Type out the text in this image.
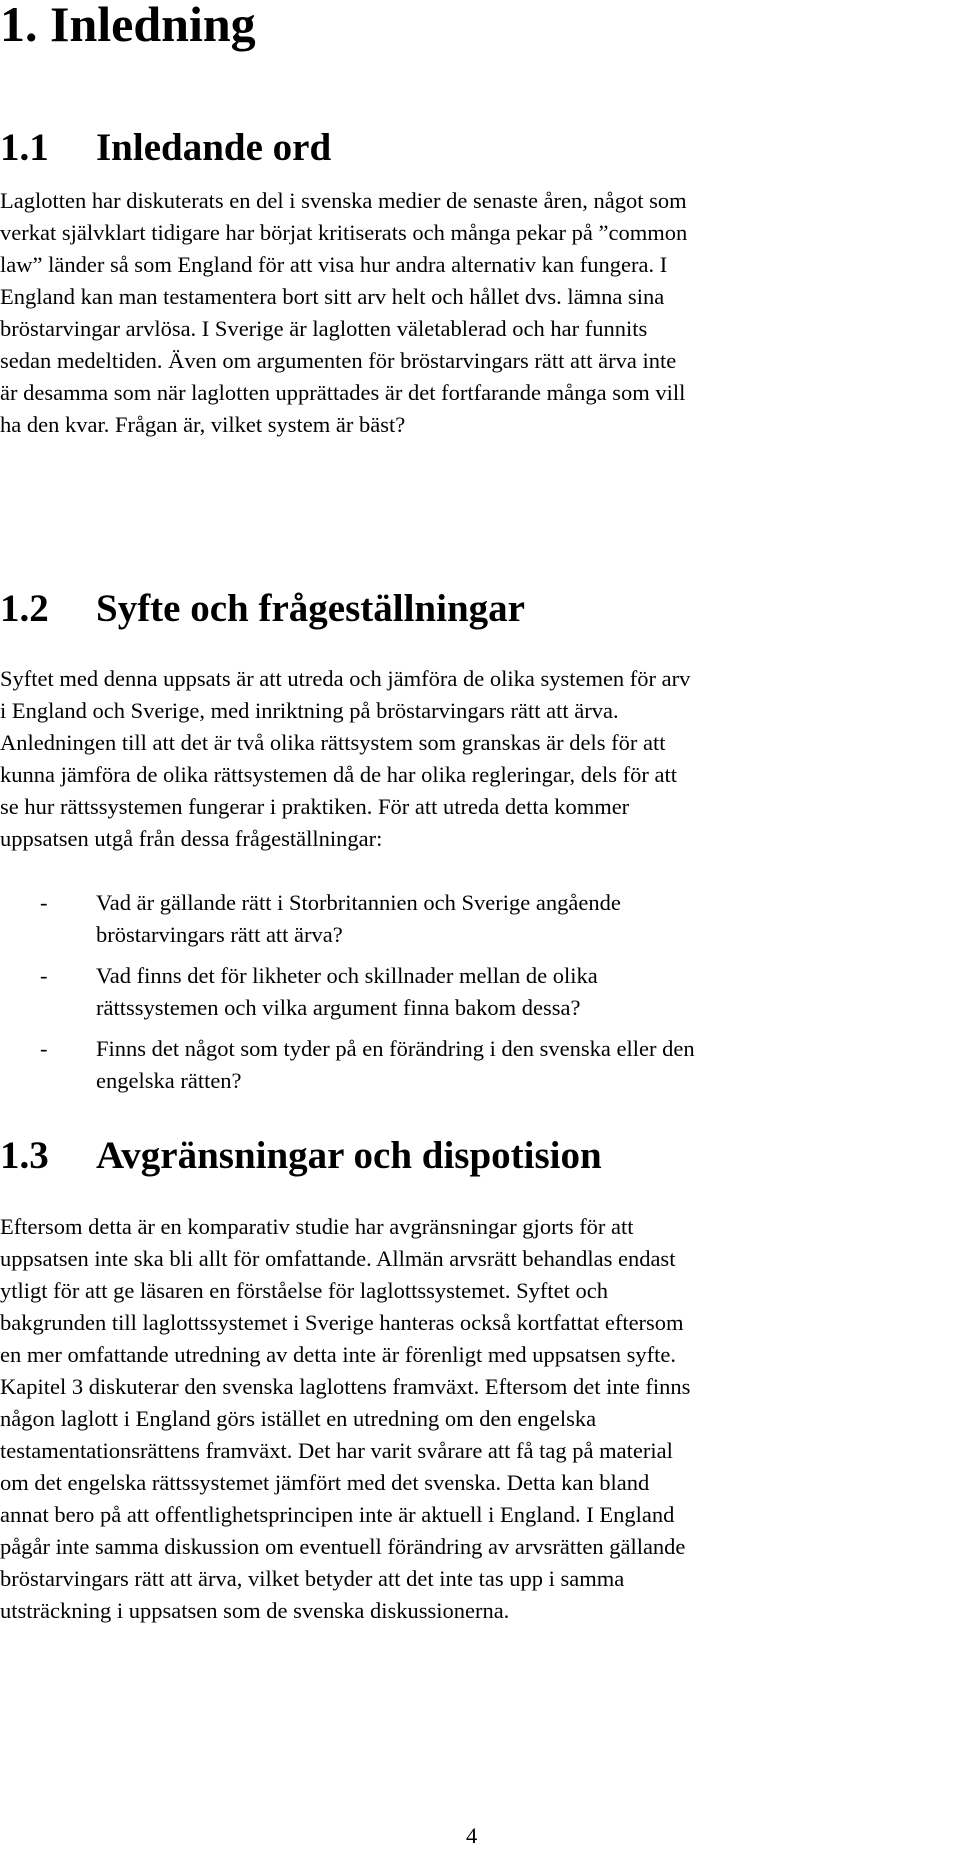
1. Inledning
1.1 Inledande ord
Laglotten har diskuterats en del i svenska medier de senaste åren, något som
verkat självklart tidigare har börjat kritiserats och många pekar på ”common
law” länder så som England för att visa hur andra alternativ kan fungera. I
England kan man testamentera bort sitt arv helt och hållet dvs. lämna sina
bröstarvingar arvlösa. I Sverige är laglotten väletablerad och har funnits
sedan medeltiden. Även om argumenten för bröstarvingars rätt att ärva inte
är desamma som när laglotten upprättades är det fortfarande många som vill
ha den kvar. Frågan är, vilket system är bäst?
1.2 Syfte och frågeställningar
Syftet med denna uppsats är att utreda och jämföra de olika systemen för arv
i England och Sverige, med inriktning på bröstarvingars rätt att ärva.
Anledningen till att det är två olika rättsystem som granskas är dels för att
kunna jämföra de olika rättsystemen då de har olika regleringar, dels för att
se hur rättssystemen fungerar i praktiken. För att utreda detta kommer
uppsatsen utgå från dessa frågeställningar:
- Vad är gällande rätt i Storbritannien och Sverige angående
bröstarvingars rätt att ärva?
- Vad finns det för likheter och skillnader mellan de olika
rättssystemen och vilka argument finna bakom dessa?
- Finns det något som tyder på en förändring i den svenska eller den
engelska rätten?
1.3 Avgränsningar och dispotision
Eftersom detta är en komparativ studie har avgränsningar gjorts för att
uppsatsen inte ska bli allt för omfattande. Allmän arvsrätt behandlas endast
ytligt för att ge läsaren en förståelse för laglottssystemet. Syftet och
bakgrunden till laglottssystemet i Sverige hanteras också kortfattat eftersom
en mer omfattande utredning av detta inte är förenligt med uppsatsen syfte.
Kapitel 3 diskuterar den svenska laglottens framväxt. Eftersom det inte finns
någon laglott i England görs istället en utredning om den engelska
testamentationsrättens framväxt. Det har varit svårare att få tag på material
om det engelska rättssystemet jämfört med det svenska. Detta kan bland
annat bero på att offentlighetsprincipen inte är aktuell i England. I England
pågår inte samma diskussion om eventuell förändring av arvsrätten gällande
bröstarvingars rätt att ärva, vilket betyder att det inte tas upp i samma
utsträckning i uppsatsen som de svenska diskussionerna.
4
